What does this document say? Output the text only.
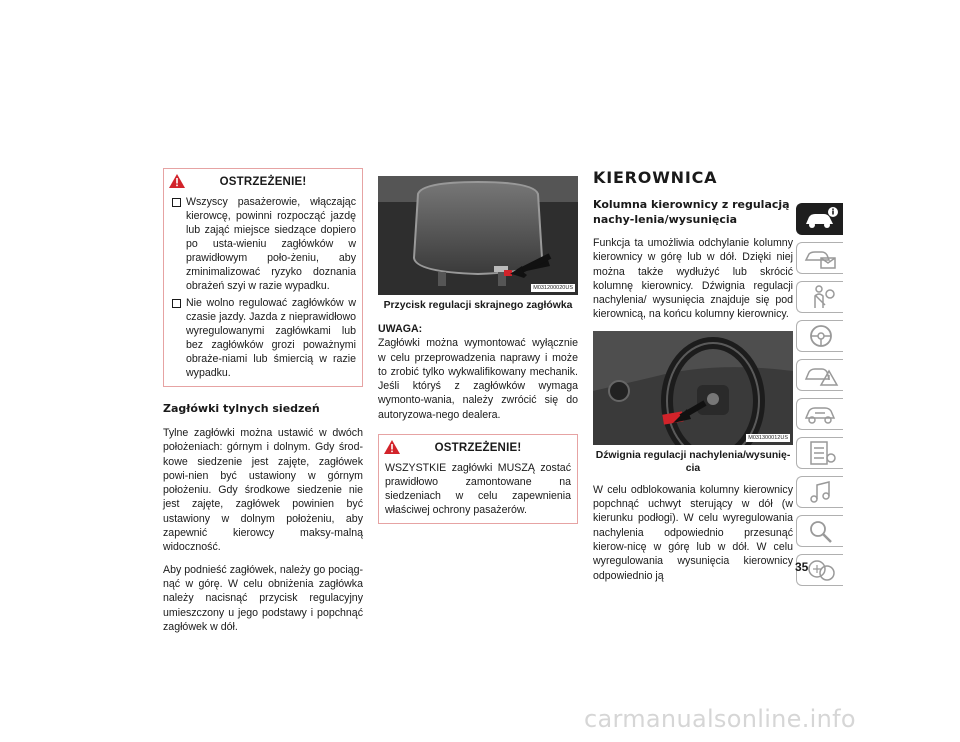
OSTRZEŻENIE!
Wszyscy pasażerowie, włączając kierowcę, powinni rozpocząć jazdę lub zająć miejsce siedzące dopiero po usta-wieniu zagłówków w prawidłowym poło-żeniu, aby zminimalizować ryzyko doznania obrażeń szyi w razie wypadku.
Nie wolno regulować zagłówków w czasie jazdy. Jazda z nieprawidłowo wyregulowanymi zagłówkami lub bez zagłówków grozi poważnymi obraże-niami lub śmiercią w razie wypadku.

Zagłówki tylnych siedzeń

Tylne zagłówki można ustawić w dwóch położeniach: górnym i dolnym. Gdy środ-kowe siedzenie jest zajęte, zagłówek powi-nien być ustawiony w górnym położeniu. Gdy środkowe siedzenie nie jest zajęte, zagłówek powinien być ustawiony w dolnym położeniu, aby zapewnić kierowcy maksy-malną widoczność.

Aby podnieść zagłówek, należy go pociąg-nąć w górę. W celu obniżenia zagłówka należy nacisnąć przycisk regulacyjny umieszczony u jego podstawy i popchnąć zagłówek w dół.

M031200020US
Przycisk regulacji skrajnego zagłówka

UWAGA:

Zagłówki można wymontować wyłącznie w celu przeprowadzenia naprawy i może to zrobić tylko wykwalifikowany mechanik. Jeśli któryś z zagłówków wymaga wymonto-wania, należy zwrócić się do autoryzowa-nego dealera.

OSTRZEŻENIE!
WSZYSTKIE zagłówki MUSZĄ zostać prawidłowo zamontowane na siedzeniach w celu zapewnienia właściwej ochrony pasażerów.

KIEROWNICA

Kolumna kierownicy z regulacją nachy-lenia/wysunięcia

Funkcja ta umożliwia odchylanie kolumny kierownicy w górę lub w dół. Dzięki niej można także wydłużyć lub skrócić kolumnę kierownicy. Dźwignia regulacji nachylenia/ wysunięcia znajduje się pod kierownicą, na końcu kolumny kierownicy.

M031300012US
Dźwignia regulacji nachylenia/wysunię-cia

W celu odblokowania kolumny kierownicy popchnąć uchwyt sterujący w dół (w kierunku podłogi). W celu wyregulowania nachylenia odpowiednio przesunąć kierow-nicę w górę lub w dół. W celu wyregulowania wysunięcia kierownicy odpowiednio ją

35
carmanualsonline.info
